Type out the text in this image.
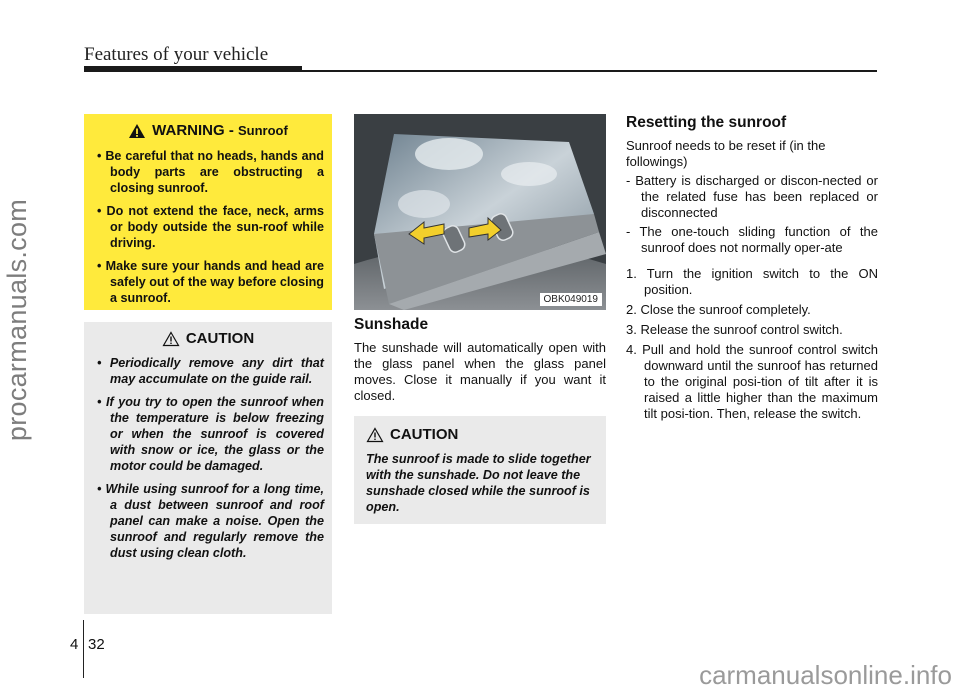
Features of your vehicle
procarmanuals.com
carmanualsonline.info
WARNING - Sunroof
• Be careful that no heads, hands and body parts are obstructing a closing sunroof.
• Do not extend the face, neck, arms or body outside the sun-roof while driving.
• Make sure your hands and head are safely out of the way before closing a sunroof.
CAUTION
• Periodically remove any dirt that may accumulate on the guide rail.
• If you try to open the sunroof when the temperature is below freezing or when the sunroof is covered with snow or ice, the glass or the motor could be damaged.
• While using sunroof for a long time, a dust between sunroof and roof panel can make a noise. Open the sunroof and regularly remove the dust using clean cloth.
OBK049019
Sunshade

The sunshade will automatically open with the glass panel when the glass panel moves. Close it manually if you want it closed.

CAUTION

The sunroof is made to slide together with the sunshade. Do not leave the sunshade closed while the sunroof is open.

Resetting the sunroof

Sunroof needs to be reset if (in the followings)

- Battery is discharged or discon-nected or the related fuse has been replaced or disconnected
- The one-touch sliding function of the sunroof does not normally oper-ate
1. Turn the ignition switch to the ON position.
2. Close the sunroof completely.
3. Release the sunroof control switch.
4. Pull and hold the sunroof control switch downward until the sunroof has returned to the original posi-tion of tilt after it is raised a little higher than the maximum tilt posi-tion. Then, release the switch.
4 32
